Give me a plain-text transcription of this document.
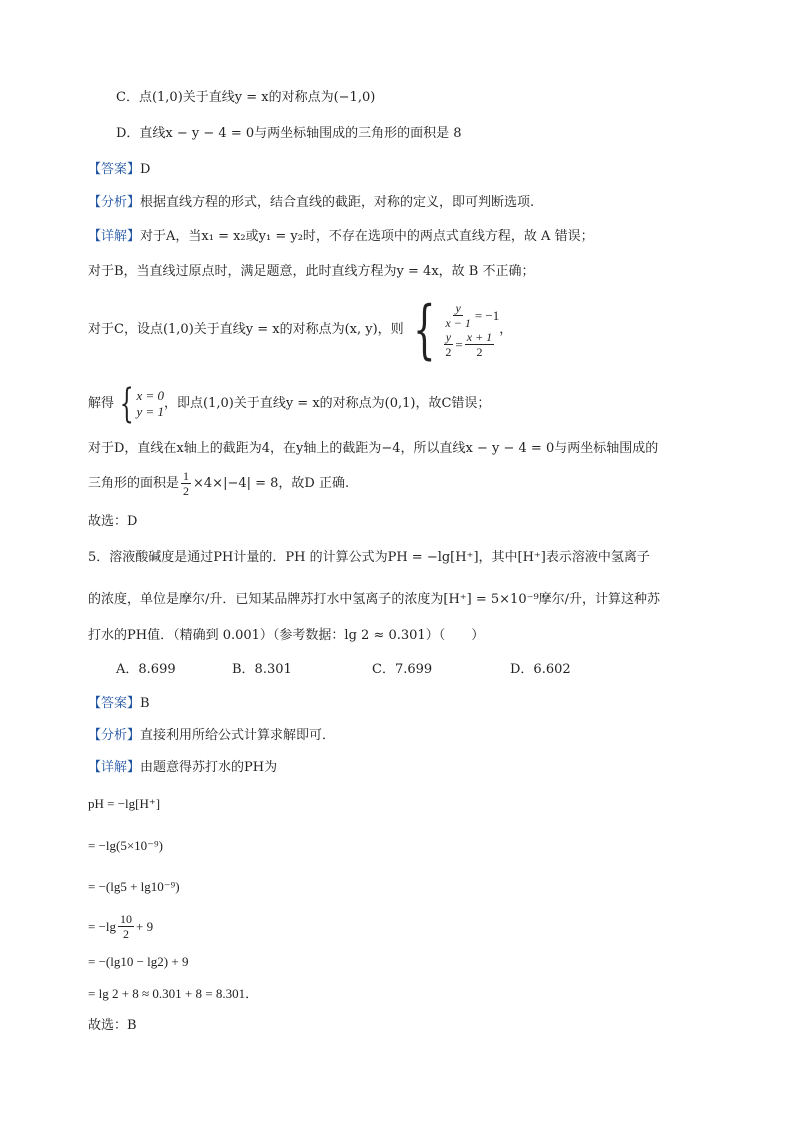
C．点(1,0)关于直线y = x的对称点为(−1,0)
D．直线x − y − 4 = 0与两坐标轴围成的三角形的面积是 8
【答案】D
【分析】根据直线方程的形式，结合直线的截距，对称的定义，即可判断选项.
【详解】对于A，当x₁ = x₂或y₁ = y₂时，不存在选项中的两点式直线方程，故 A 错误；
对于B，当直线过原点时，满足题意，此时直线方程为y = 4x，故 B 不正确；
对于C，设点(1,0)关于直线y = x的对称点为(x, y)，则 { $\frac{y}{x - 1} = -1$
$\frac{y}{2} = \frac{x + 1}{2}$
，
解得 { x = 0
y = 1
，即点(1,0)关于直线y = x的对称点为(0,1)，故C错误；
对于D，直线在x轴上的截距为4，在y轴上的截距为−4，所以直线x − y − 4 = 0与两坐标轴围成的
三角形的面积是 $\frac{1}{2} \times 4\times|-4| = 8$，故D 正确.
故选：D
5．溶液酸碱度是通过PH计量的．PH 的计算公式为PH = −lg[H⁺]，其中[H⁺]表示溶液中氢离子
的浓度，单位是摩尔/升．已知某品牌苏打水中氢离子的浓度为[H⁺] = 5×10⁻⁹摩尔/升，计算这种苏
打水的PH值．（精确到 0.001）（参考数据：lg 2 ≈ 0.301）（　　）
A．8.699	B．8.301	C．7.699	D．6.602
【答案】B
【分析】直接利用所给公式计算求解即可．
【详解】由题意得苏打水的PH为
pH = −lg[H⁺]
= −lg(5×10⁻⁹)
= −(lg5 + lg10⁻⁹)
= $-\lg \frac{10}{2} + 9$
= −(lg10 − lg2) + 9
= lg 2 + 8 ≈ 0.301 + 8 = 8.301．
故选：B
